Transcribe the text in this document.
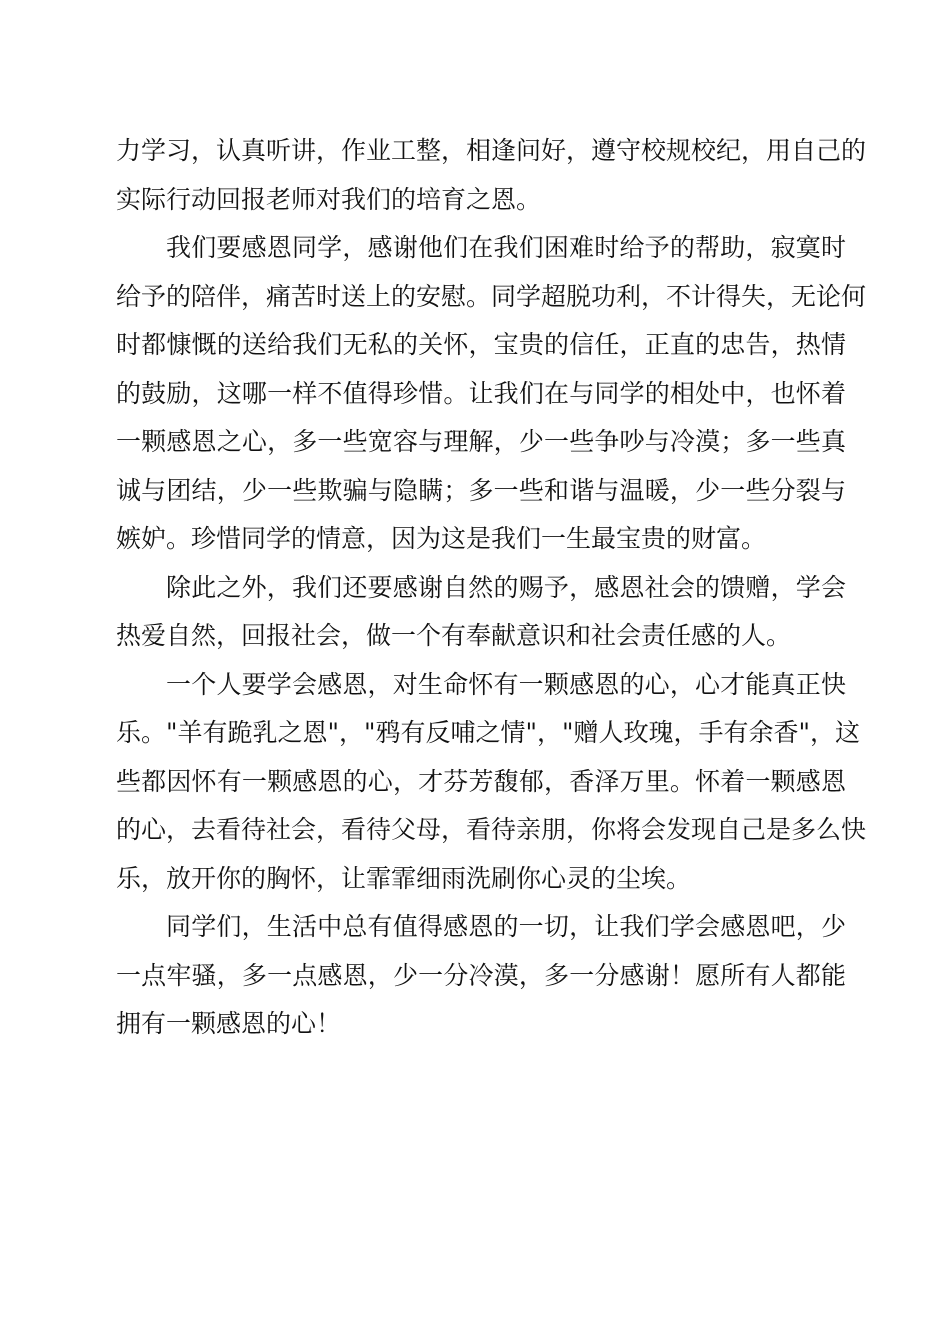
力学习，认真听讲，作业工整，相逢问好，遵守校规校纪，用自己的
实际行动回报老师对我们的培育之恩。
我们要感恩同学，感谢他们在我们困难时给予的帮助，寂寞时
给予的陪伴，痛苦时送上的安慰。同学超脱功利，不计得失，无论何
时都慷慨的送给我们无私的关怀，宝贵的信任，正直的忠告，热情
的鼓励，这哪一样不值得珍惜。让我们在与同学的相处中，也怀着
一颗感恩之心，多一些宽容与理解，少一些争吵与冷漠；多一些真
诚与团结，少一些欺骗与隐瞒；多一些和谐与温暖，少一些分裂与
嫉妒。珍惜同学的情意，因为这是我们一生最宝贵的财富。
除此之外，我们还要感谢自然的赐予，感恩社会的馈赠，学会
热爱自然，回报社会，做一个有奉献意识和社会责任感的人。
一个人要学会感恩，对生命怀有一颗感恩的心，心才能真正快
乐。"羊有跪乳之恩"，"鸦有反哺之情"，"赠人玫瑰，手有余香"，这
些都因怀有一颗感恩的心，才芬芳馥郁，香泽万里。怀着一颗感恩
的心，去看待社会，看待父母，看待亲朋，你将会发现自己是多么快
乐，放开你的胸怀，让霏霏细雨洗刷你心灵的尘埃。
同学们，生活中总有值得感恩的一切，让我们学会感恩吧，少
一点牢骚，多一点感恩，少一分冷漠，多一分感谢！愿所有人都能
拥有一颗感恩的心！
